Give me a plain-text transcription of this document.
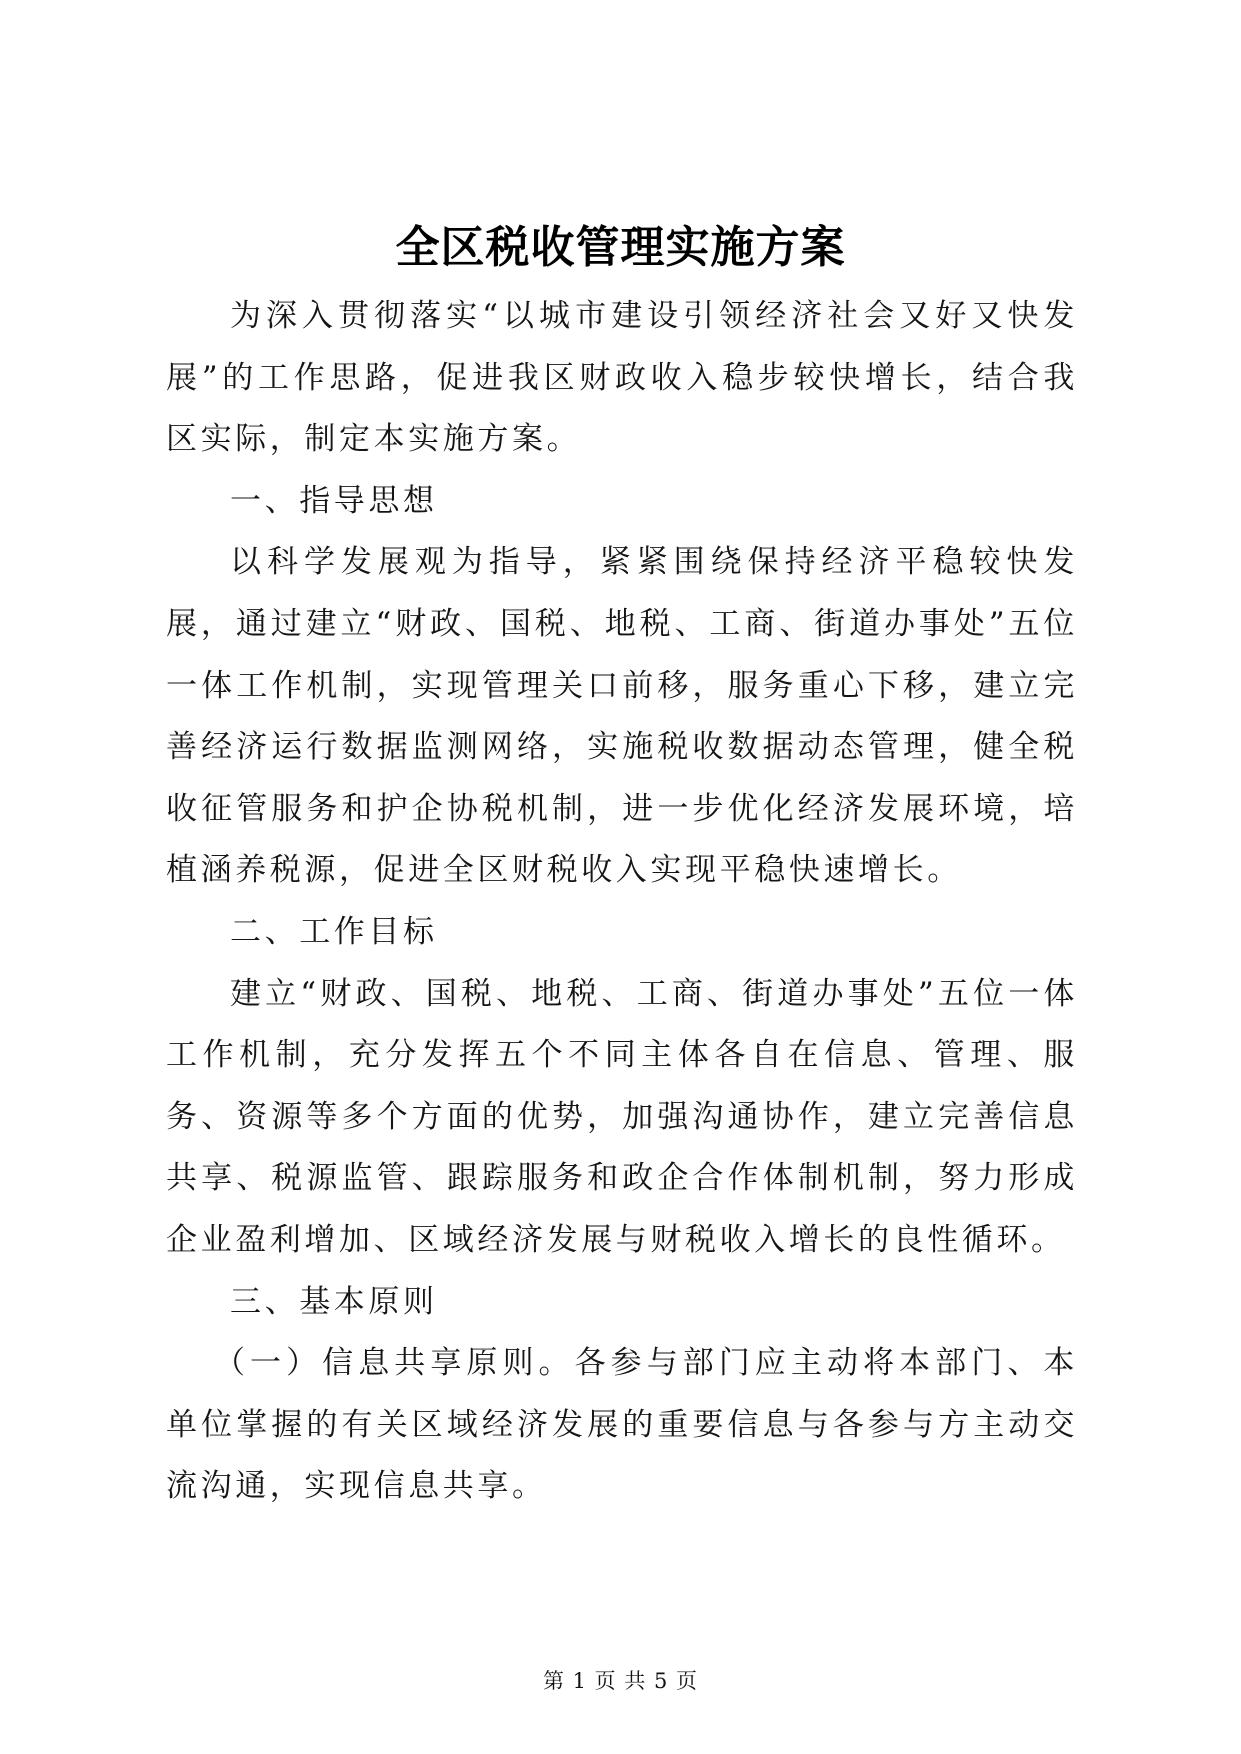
全区税收管理实施方案

为深入贯彻落实“以城市建设引领经济社会又好又快发展”的工作思路，促进我区财政收入稳步较快增长，结合我区实际，制定本实施方案。

一、指导思想

以科学发展观为指导，紧紧围绕保持经济平稳较快发展，通过建立“财政、国税、地税、工商、街道办事处”五位一体工作机制，实现管理关口前移，服务重心下移，建立完善经济运行数据监测网络，实施税收数据动态管理，健全税收征管服务和护企协税机制，进一步优化经济发展环境，培植涵养税源，促进全区财税收入实现平稳快速增长。

二、工作目标

建立“财政、国税、地税、工商、街道办事处”五位一体工作机制，充分发挥五个不同主体各自在信息、管理、服务、资源等多个方面的优势，加强沟通协作，建立完善信息共享、税源监管、跟踪服务和政企合作体制机制，努力形成企业盈利增加、区域经济发展与财税收入增长的良性循环。

三、基本原则

（一）信息共享原则。各参与部门应主动将本部门、本单位掌握的有关区域经济发展的重要信息与各参与方主动交流沟通，实现信息共享。

第 1 页 共 5 页
